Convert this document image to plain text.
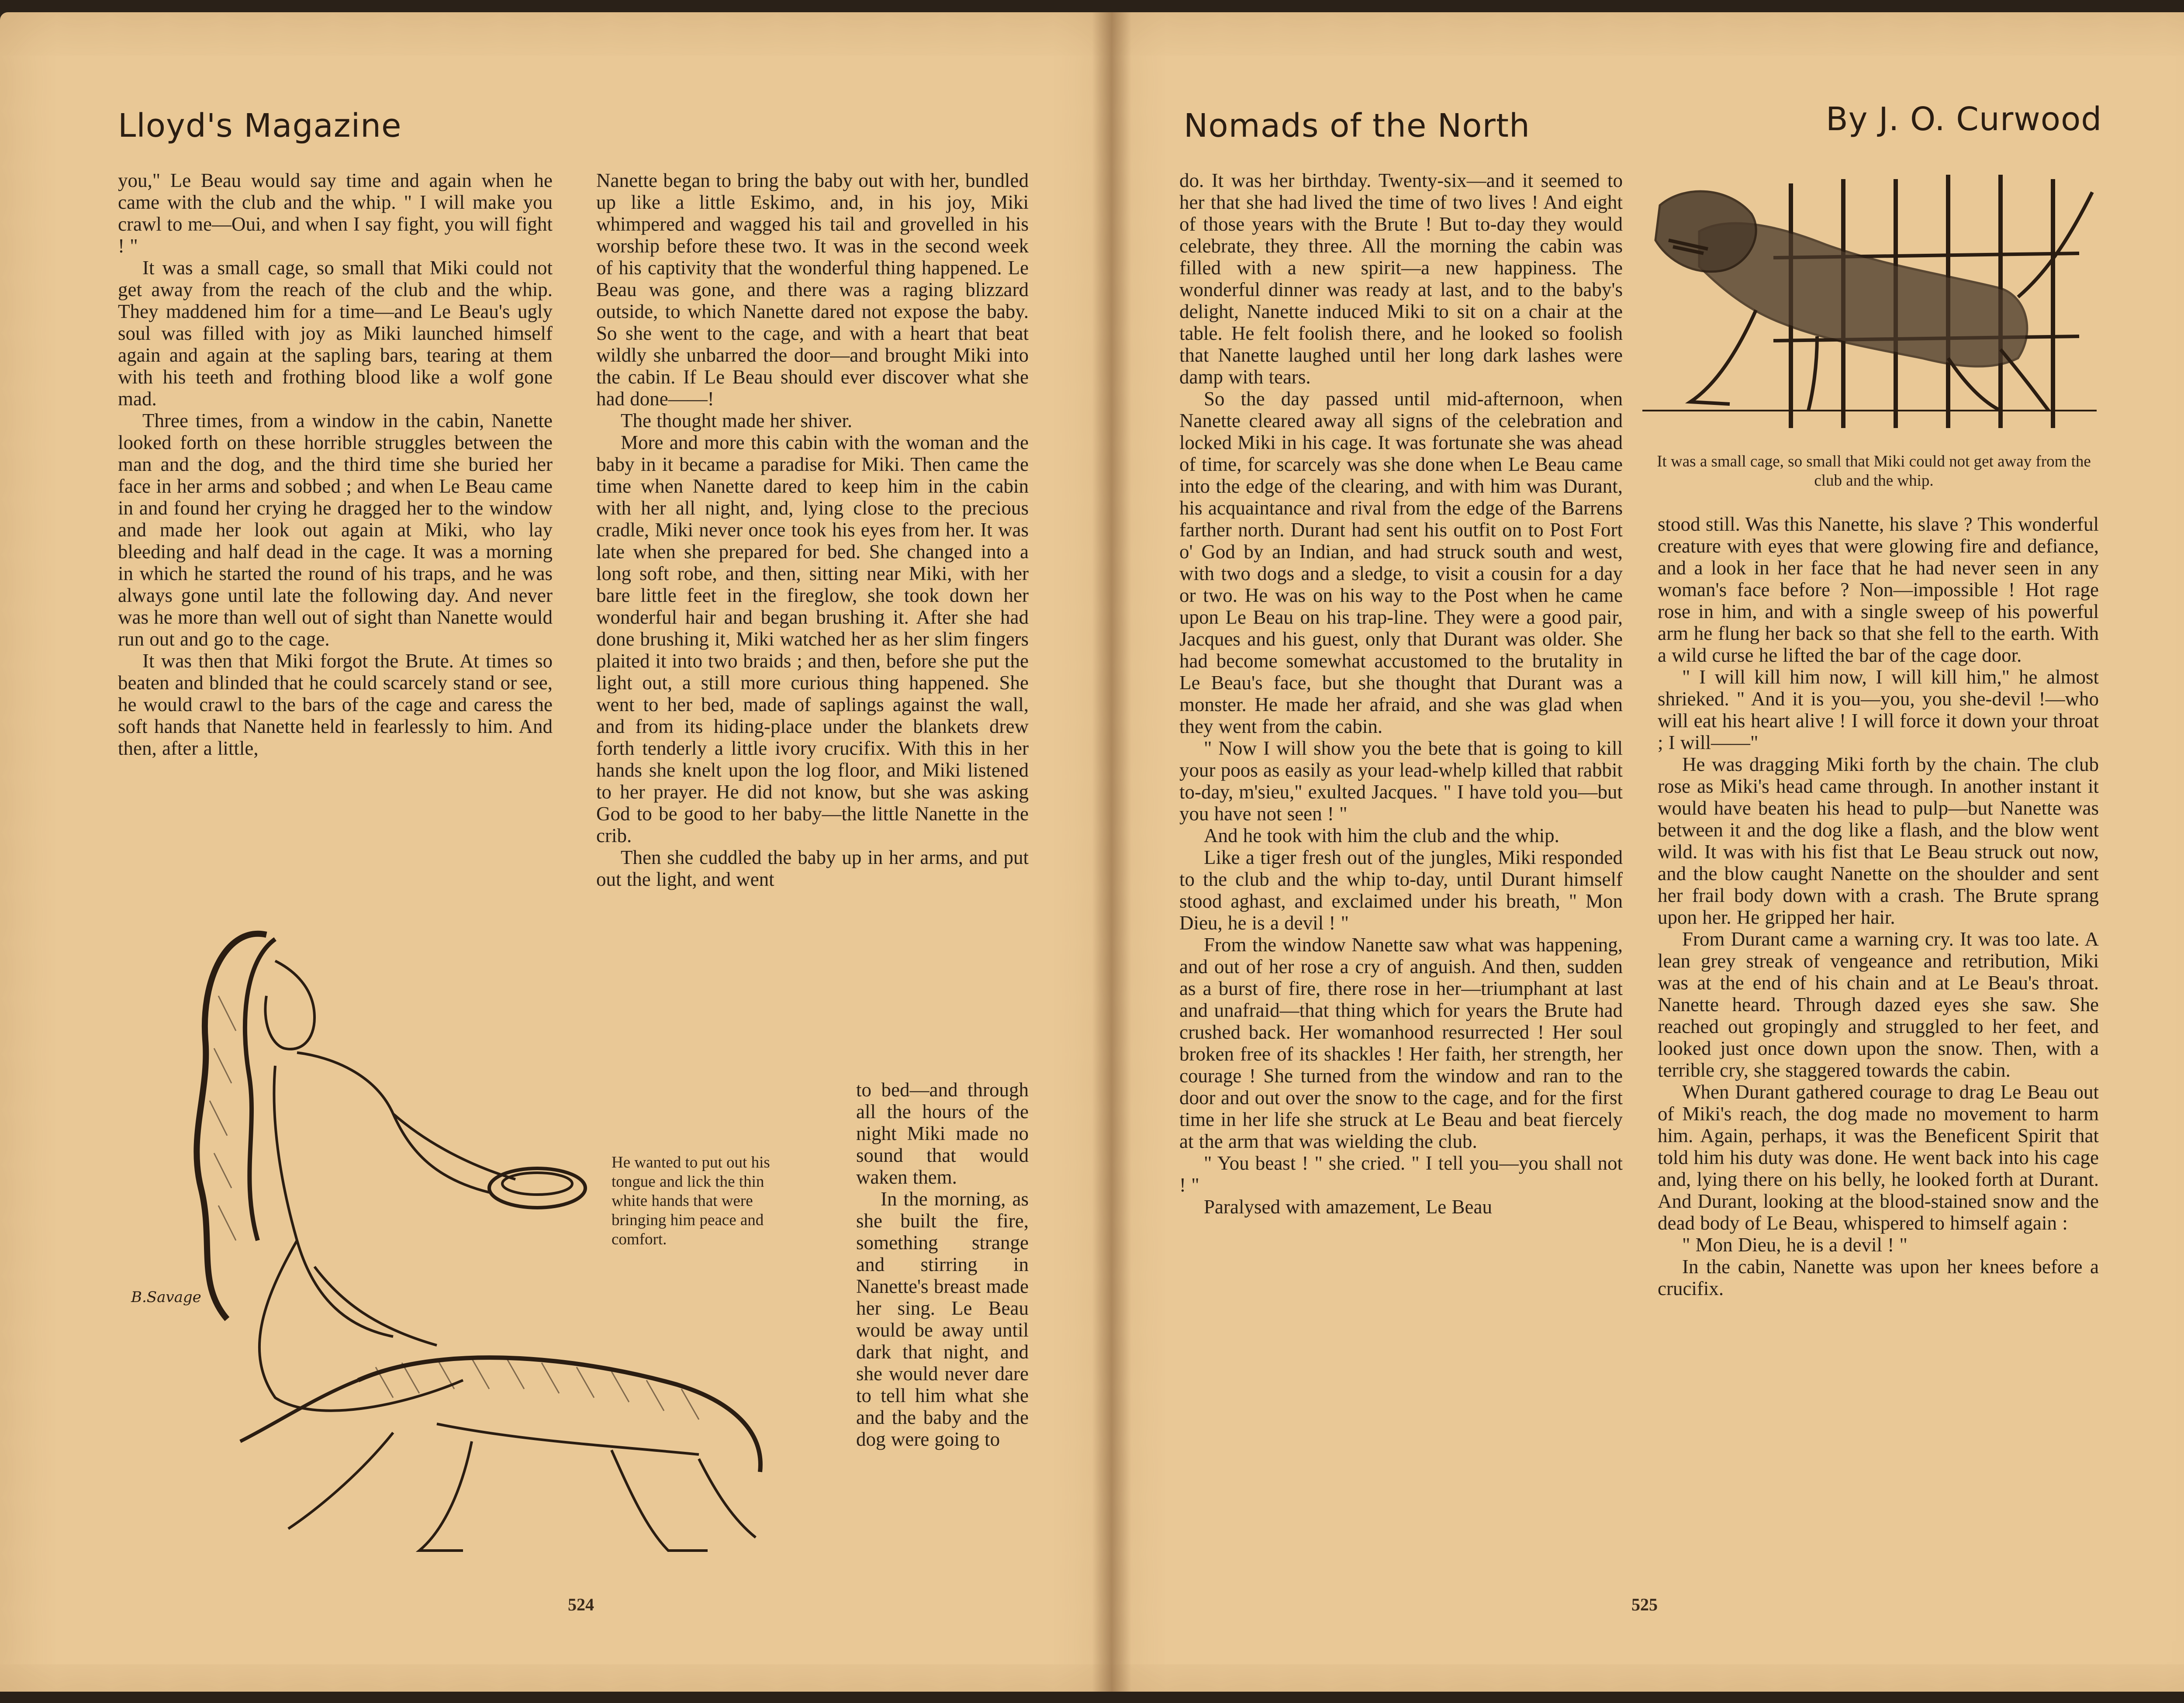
Lloyd's Magazine

you," Le Beau would say time and again when he came with the club and the whip. " I will make you crawl to me—Oui, and when I say fight, you will fight ! "

It was a small cage, so small that Miki could not get away from the reach of the club and the whip. They maddened him for a time—and Le Beau's ugly soul was filled with joy as Miki launched himself again and again at the sapling bars, tearing at them with his teeth and frothing blood like a wolf gone mad.

Three times, from a window in the cabin, Nanette looked forth on these horrible struggles between the man and the dog, and the third time she buried her face in her arms and sobbed ; and when Le Beau came in and found her crying he dragged her to the window and made her look out again at Miki, who lay bleeding and half dead in the cage. It was a morning in which he started the round of his traps, and he was always gone until late the following day. And never was he more than well out of sight than Nanette would run out and go to the cage.

It was then that Miki forgot the Brute. At times so beaten and blinded that he could scarcely stand or see, he would crawl to the bars of the cage and caress the soft hands that Nanette held in fearlessly to him. And then, after a little,

Nanette began to bring the baby out with her, bundled up like a little Eskimo, and, in his joy, Miki whimpered and wagged his tail and grovelled in his worship before these two. It was in the second week of his captivity that the wonderful thing happened. Le Beau was gone, and there was a raging blizzard outside, to which Nanette dared not expose the baby. So she went to the cage, and with a heart that beat wildly she unbarred the door—and brought Miki into the cabin. If Le Beau should ever discover what she had done——!

The thought made her shiver.

More and more this cabin with the woman and the baby in it became a paradise for Miki. Then came the time when Nanette dared to keep him in the cabin with her all night, and, lying close to the precious cradle, Miki never once took his eyes from her. It was late when she prepared for bed. She changed into a long soft robe, and then, sitting near Miki, with her bare little feet in the fireglow, she took down her wonderful hair and began brushing it. After she had done brushing it, Miki watched her as her slim fingers plaited it into two braids ; and then, before she put the light out, a still more curious thing happened. She went to her bed, made of saplings against the wall, and from its hiding-place under the blankets drew forth tenderly a little ivory crucifix. With this in her hands she knelt upon the log floor, and Miki listened to her prayer. He did not know, but she was asking God to be good to her baby—the little Nanette in the crib.

Then she cuddled the baby up in her arms, and put out the light, and went

to bed—and through all the hours of the night Miki made no sound that would waken them.

In the morning, as she built the fire, something strange and stirring in Nanette's breast made her sing. Le Beau would be away until dark that night, and she would never dare to tell him what she and the baby and the dog were going to

B.Savage
He wanted to put out his tongue and lick the thin white hands that were bringing him peace and comfort.
524
Nomads of the North	By J. O. Curwood

do. It was her birthday. Twenty-six—and it seemed to her that she had lived the time of two lives ! And eight of those years with the Brute ! But to-day they would celebrate, they three. All the morning the cabin was filled with a new spirit—a new happiness. The wonderful dinner was ready at last, and to the baby's delight, Nanette induced Miki to sit on a chair at the table. He felt foolish there, and he looked so foolish that Nanette laughed until her long dark lashes were damp with tears.

So the day passed until mid-afternoon, when Nanette cleared away all signs of the celebration and locked Miki in his cage. It was fortunate she was ahead of time, for scarcely was she done when Le Beau came into the edge of the clearing, and with him was Durant, his acquaintance and rival from the edge of the Barrens farther north. Durant had sent his outfit on to Post Fort o' God by an Indian, and had struck south and west, with two dogs and a sledge, to visit a cousin for a day or two. He was on his way to the Post when he came upon Le Beau on his trap-line. They were a good pair, Jacques and his guest, only that Durant was older. She had become somewhat accustomed to the brutality in Le Beau's face, but she thought that Durant was a monster. He made her afraid, and she was glad when they went from the cabin.

" Now I will show you the bete that is going to kill your poos as easily as your lead-whelp killed that rabbit to-day, m'sieu," exulted Jacques. " I have told you—but you have not seen ! "

And he took with him the club and the whip.

Like a tiger fresh out of the jungles, Miki responded to the club and the whip to-day, until Durant himself stood aghast, and exclaimed under his breath, " Mon Dieu, he is a devil ! "

From the window Nanette saw what was happening, and out of her rose a cry of anguish. And then, sudden as a burst of fire, there rose in her—triumphant at last and unafraid—that thing which for years the Brute had crushed back. Her womanhood resurrected ! Her soul broken free of its shackles ! Her faith, her strength, her courage ! She turned from the window and ran to the door and out over the snow to the cage, and for the first time in her life she struck at Le Beau and beat fiercely at the arm that was wielding the club.

" You beast ! " she cried. " I tell you—you shall not ! "

Paralysed with amazement, Le Beau

It was a small cage, so small that Miki could not get away from the club and the whip.

stood still. Was this Nanette, his slave ? This wonderful creature with eyes that were glowing fire and defiance, and a look in her face that he had never seen in any woman's face before ? Non—impossible ! Hot rage rose in him, and with a single sweep of his powerful arm he flung her back so that she fell to the earth. With a wild curse he lifted the bar of the cage door.

" I will kill him now, I will kill him," he almost shrieked. " And it is you—you, you she-devil !—who will eat his heart alive ! I will force it down your throat ; I will——"

He was dragging Miki forth by the chain. The club rose as Miki's head came through. In another instant it would have beaten his head to pulp—but Nanette was between it and the dog like a flash, and the blow went wild. It was with his fist that Le Beau struck out now, and the blow caught Nanette on the shoulder and sent her frail body down with a crash. The Brute sprang upon her. He gripped her hair.

From Durant came a warning cry. It was too late. A lean grey streak of vengeance and retribution, Miki was at the end of his chain and at Le Beau's throat. Nanette heard. Through dazed eyes she saw. She reached out gropingly and struggled to her feet, and looked just once down upon the snow. Then, with a terrible cry, she staggered towards the cabin.

When Durant gathered courage to drag Le Beau out of Miki's reach, the dog made no movement to harm him. Again, perhaps, it was the Beneficent Spirit that told him his duty was done. He went back into his cage and, lying there on his belly, he looked forth at Durant. And Durant, looking at the blood-stained snow and the dead body of Le Beau, whispered to himself again :

" Mon Dieu, he is a devil ! "

In the cabin, Nanette was upon her knees before a crucifix.

525
